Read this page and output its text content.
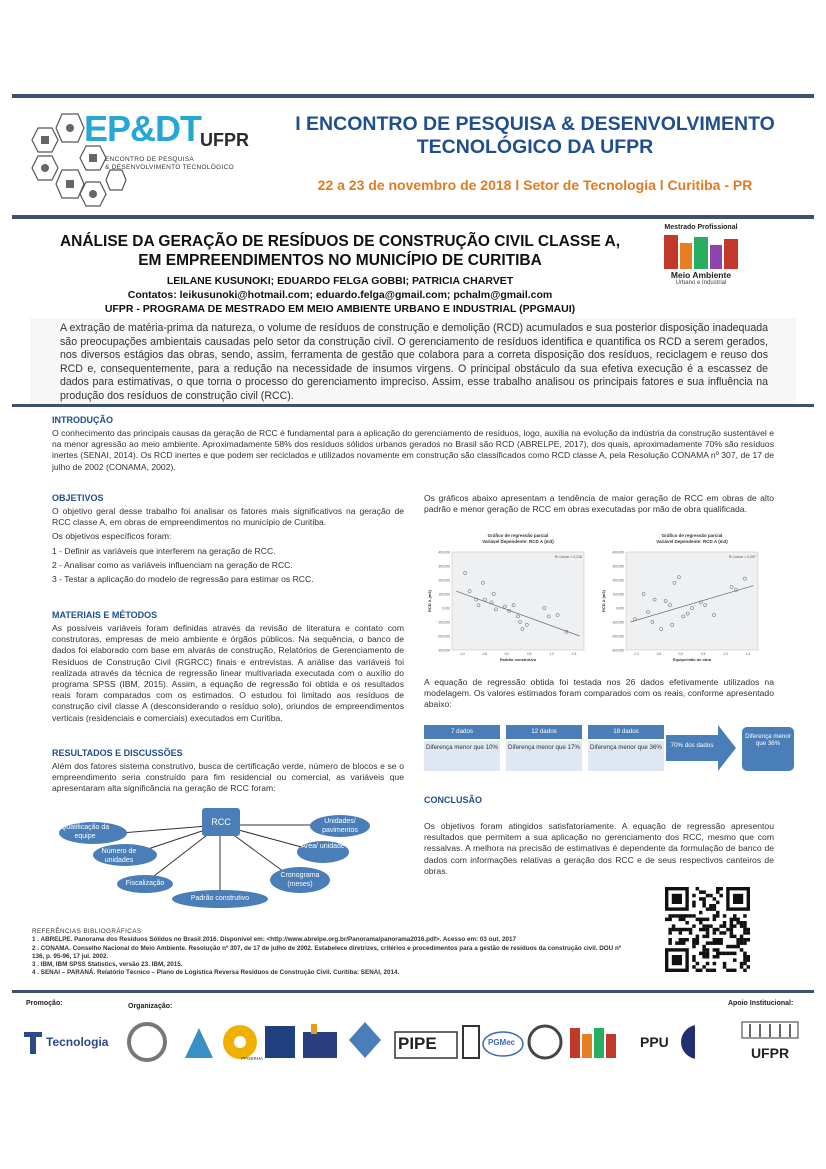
EP&DT
UFPR
ENCONTRO DE PESQUISA
& DESENVOLVIMENTO TECNOLÓGICO
I ENCONTRO DE PESQUISA & DESENVOLVIMENTO
TECNOLÓGICO DA UFPR
22 a 23 de novembro de 2018 l Setor de Tecnologia l Curitiba - PR
ANÁLISE DA GERAÇÃO DE RESÍDUOS DE CONSTRUÇÃO CIVIL CLASSE A,
EM EMPREENDIMENTOS NO MUNICÍPIO DE CURITIBA
LEILANE KUSUNOKI; EDUARDO FELGA GOBBI; PATRICIA CHARVET
Contatos: leikusunoki@hotmail.com; eduardo.felga@gmail.com; pchalm@gmail.com
UFPR - PROGRAMA DE MESTRADO EM MEIO AMBIENTE URBANO E INDUSTRIAL (PPGMAUI)
Mestrado Profissional
Meio Ambiente
Urbano e Industrial
A extração de matéria-prima da natureza, o volume de resíduos de construção e demolição (RCD) acumulados e sua posterior disposição inadequada são preocupações ambientais causadas pelo setor da construção civil. O gerenciamento de resíduos identifica e quantifica os RCD a serem gerados, nos diversos estágios das obras, sendo, assim, ferramenta de gestão que colabora para a correta disposição dos resíduos, reciclagem e reuso dos RCD e, consequentemente, para a redução na necessidade de insumos virgens. O principal obstáculo da sua efetiva execução é a escassez de dados para estimativas, o que torna o processo do gerenciamento impreciso. Assim, esse trabalho analisou os principais fatores e sua influência na produção dos resíduos de construção civil (RCC).
INTRODUÇÃO
O conhecimento das principais causas da geração de RCC é fundamental para a aplicação do gerenciamento de resíduos, logo, auxilia na evolução da indústria da construção sustentável e na menor agressão ao meio ambiente. Aproximadamente 58% dos resíduos sólidos urbanos gerados no Brasil são RCD (ABRELPE, 2017), dos quais, aproximadamente 70% são resíduos inertes (SENAI, 2014). Os RCD inertes e que podem ser reciclados e utilizados novamente em construção são classificados como RCD classe A, pela Resolução CONAMA nº 307, de 17 de julho de 2002 (CONAMA, 2002).
OBJETIVOS
O objetivo geral desse trabalho foi analisar os fatores mais significativos na geração de RCC classe A, em obras de empreendimentos no município de Curitiba.
Os objetivos específicos foram:
1 - Definir as variáveis que interferem na geração de RCC.
2 - Analisar como as variáveis influenciam na geração de RCC.
3 - Testar a aplicação do modelo de regressão para estimar os RCC.
MATERIAIS E MÉTODOS
As possíveis variáveis foram definidas através da revisão de literatura e contato com construtoras, empresas de meio ambiente e órgãos públicos. Na sequência, o banco de dados foi elaborado com base em alvarás de construção, Relatórios de Gerenciamento de Resíduos de Construção Civil (RGRCC) finais e entrevistas. A análise das variáveis foi realizada através da técnica de regressão linear multivariada executada com o auxílio do programa SPSS (IBM, 2015). Assim, a equação de regressão foi obtida e os resultados reais foram comparados com os estimados. O estudou foi limitado aos resíduos de construção civil classe A (desconsiderando o resíduo solo), oriundos de empreendimentos verticais (residenciais e comerciais) executados em Curitiba.
RESULTADOS E DISCUSSÕES
Além dos fatores sistema construtivo, busca de certificação verde, número de blocos e se o empreendimento seria construído para fim residencial ou comercial, as variáveis que apresentaram alta significância na geração de RCC foram:
RCC
Qualificação da equipe
Número de unidades
Fiscalização
Padrão construtivo
Cronograma (meses)
Área/ unidade
Unidades/ pavimentos
Os gráficos abaixo apresentam a tendência de maior geração de RCC em obras de alto padrão e menor geração de RCC em obras executadas por mão de obra qualificada.
Gráfico de regressão parcial
Variável Dependente: RCD A (m3)
R² Linear = 0,218
400,000
300,000
200,000
100,000
0,000
-100,000
-200,000
-300,000
-1,0	-0,5	0,0	0,5	1,0	1,5
Padrão construtivo
RCD A (m3)
Gráfico de regressão parcial
Variável Dependente: RCD A (m3)
R² Linear = 0,257
400,000
300,000
200,000
100,000
0,000
-100,000
-200,000
-300,000
-1,0	-0,5	0,0	0,5	1,0	1,5
Equipe/mão de obra
RCD A (m3)
A equação de regressão obtida foi testada nos 26 dados efetivamente utilizados na modelagem. Os valores estimados foram comparados com os reais, conforme apresentado abaixo:
7 dados
Diferença menor que 10%
12 dados
Diferença menor que 17%
18 dados
Diferença menor que 36%	70% dos dados
Diferença menor que 36%
CONCLUSÃO
Os objetivos foram atingidos satisfatoriamente. A equação de regressão apresentou resultados que permitem a sua aplicação no gerenciamento dos RCC, mesmo que com ressalvas. A melhora na precisão de estimativas é dependente da formulação de banco de dados com informações relativas a geração dos RCC e de seus respectivos canteiros de obras.
REFERÊNCIAS BIBLIOGRÁFICAS
1 . ABRELPE. Panorama dos Resíduos Sólidos no Brasil 2016. Disponível em: <http://www.abrelpe.org.br/Panorama/panorama2016.pdf>. Acesso em: 03 out. 2017
2 . CONAMA. Conselho Nacional do Meio Ambiente. Resolução nº 307, de 17 de julho de 2002. Estabelece diretrizes, critérios e procedimentos para a gestão de resíduos da construção civil. DOU nº 136, p. 95-96, 17 jul. 2002.
3 . IBM, IBM SPSS Statistics, versão 23. IBM, 2015.
4 . SENAI – PARANÁ. Relatório Técnico – Plano de Logística Reversa Resíduos de Construção Civil. Curitiba: SENAI, 2014.
Promoção:	Organização:	Apoio Institucional:
Tecnologia
PPGERHA
PIPE	PGMec	PPU
UFPR
